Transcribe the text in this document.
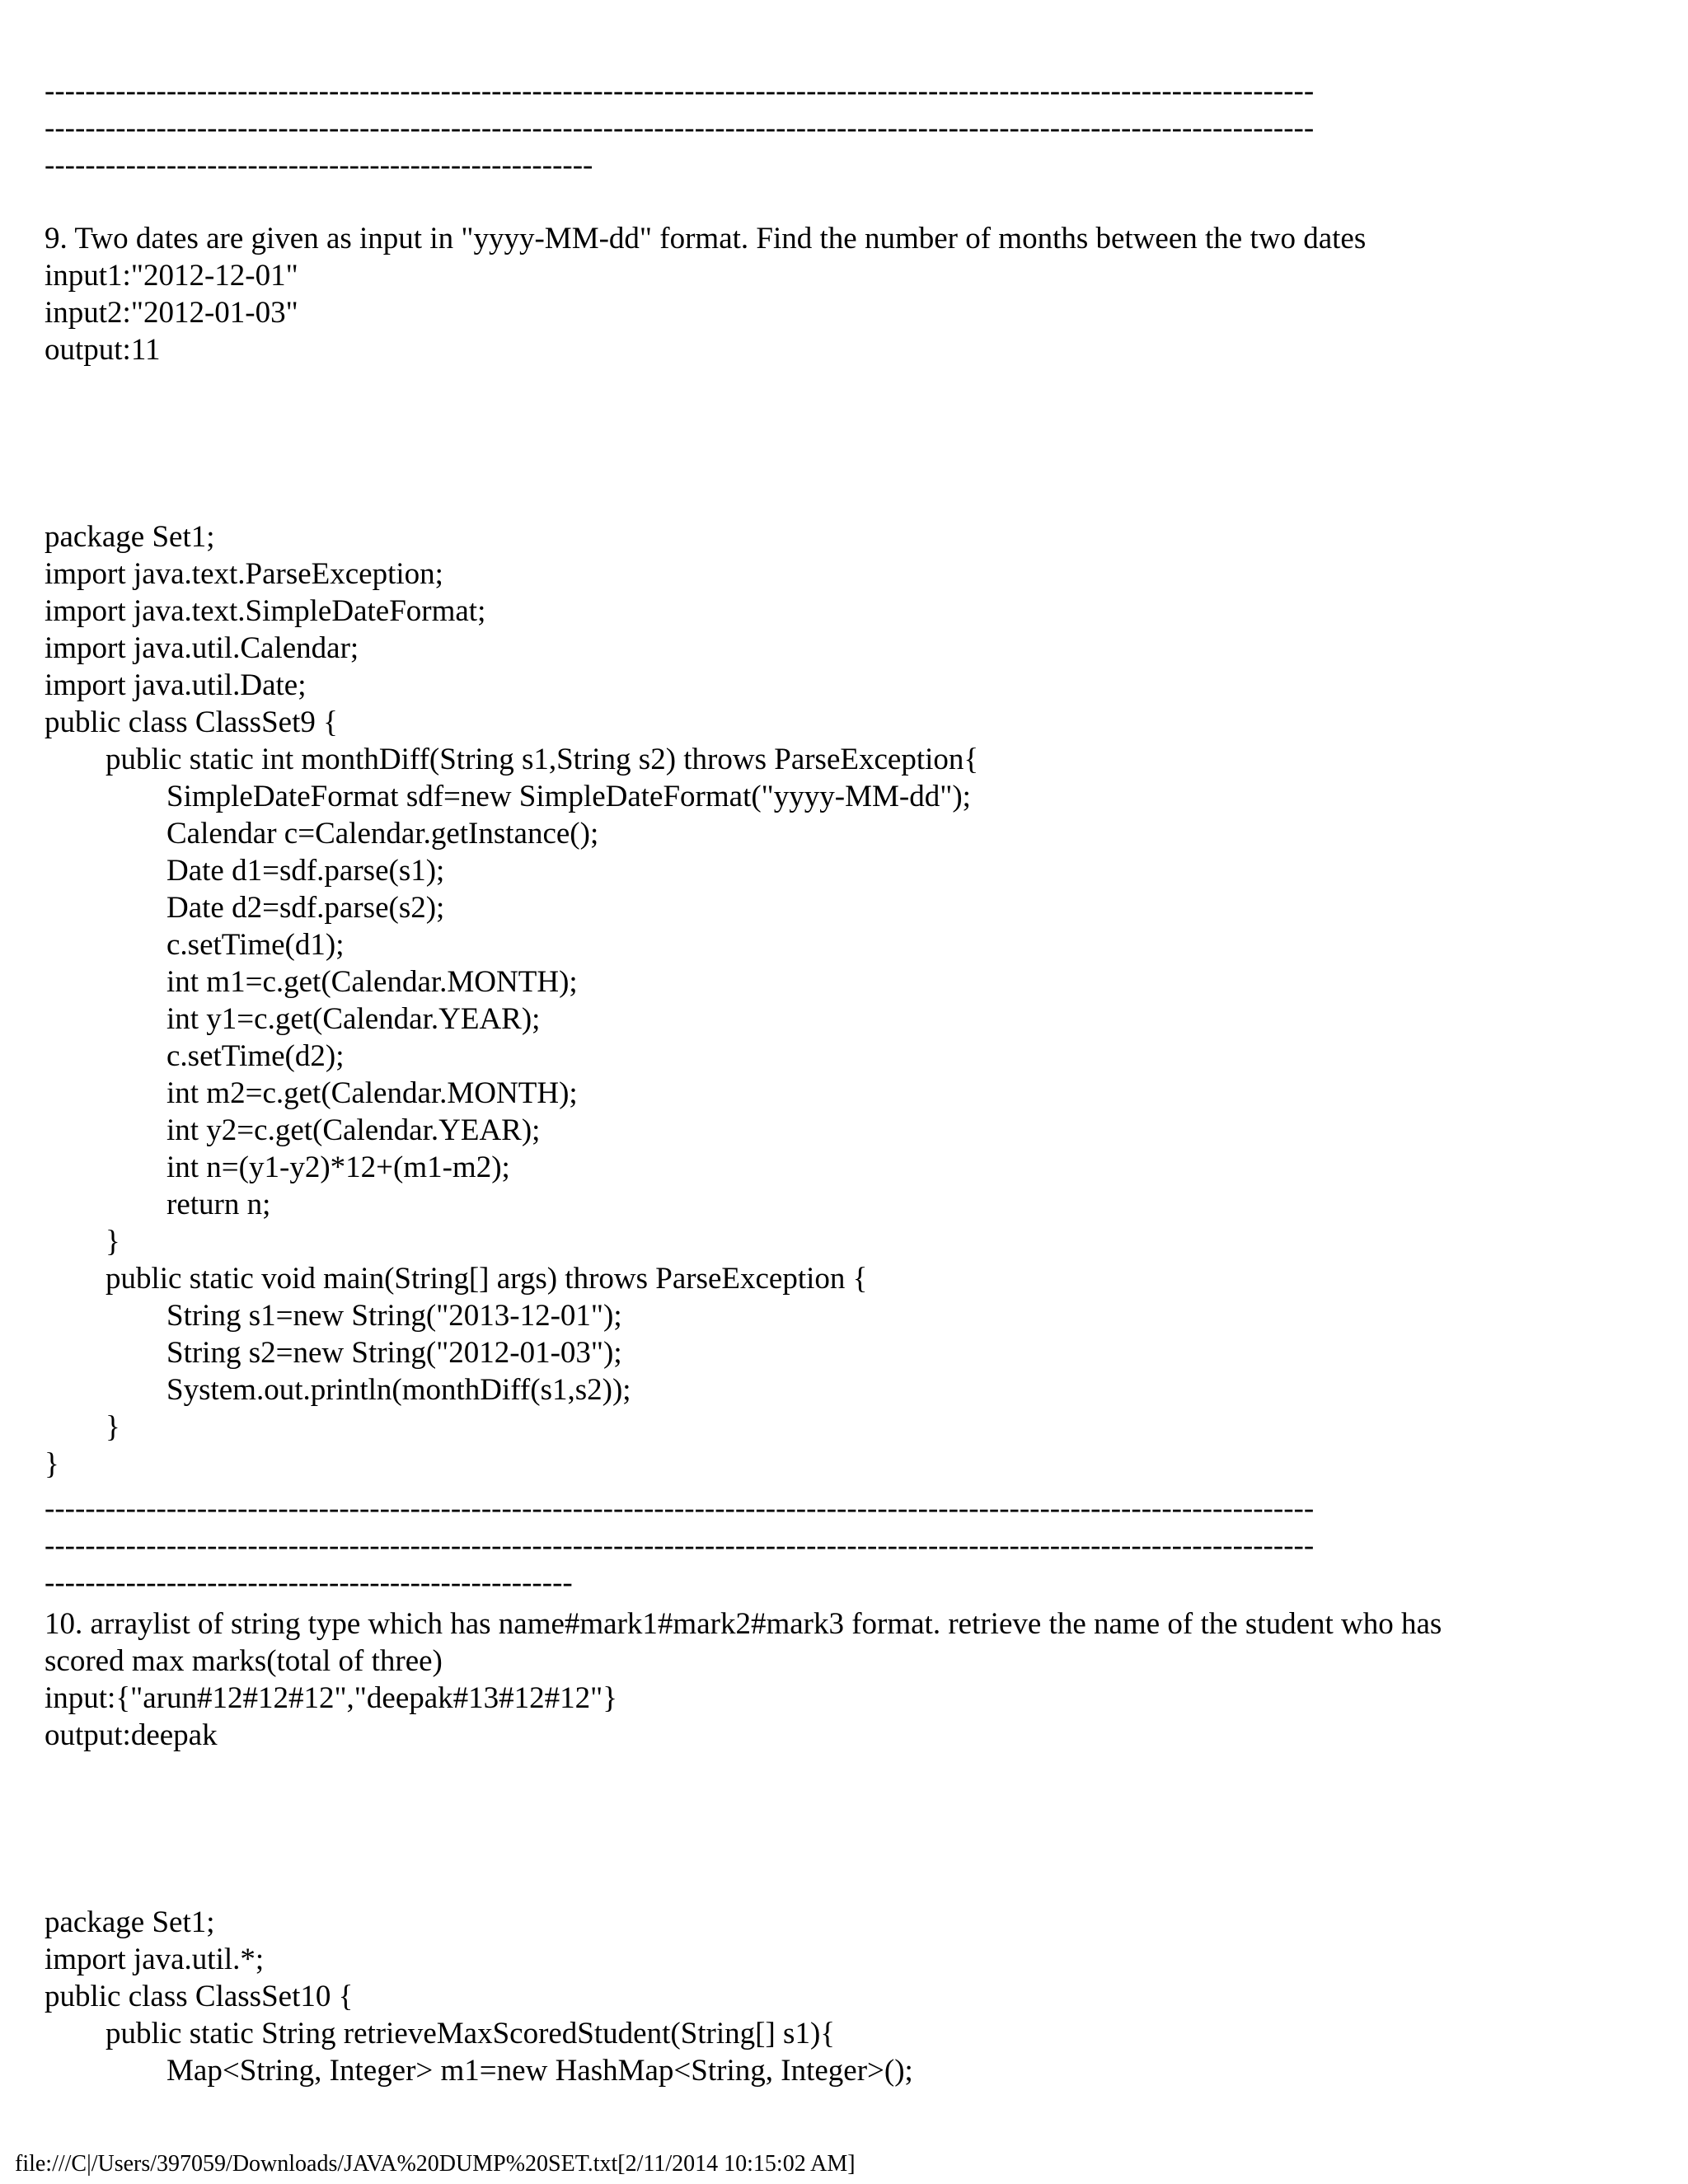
-----------------------------------------------------------------------------------------------------------------------------
-----------------------------------------------------------------------------------------------------------------------------
------------------------------------------------------
9. Two dates are given as input in "yyyy-MM-dd" format. Find the number of months between the two dates
input1:"2012-12-01"
input2:"2012-01-03"
output:11
package Set1;
import java.text.ParseException;
import java.text.SimpleDateFormat;
import java.util.Calendar;
import java.util.Date;
public class ClassSet9 {
public static int monthDiff(String s1,String s2) throws ParseException{
SimpleDateFormat sdf=new SimpleDateFormat("yyyy-MM-dd");
Calendar c=Calendar.getInstance();
Date d1=sdf.parse(s1);
Date d2=sdf.parse(s2);
c.setTime(d1);
int m1=c.get(Calendar.MONTH);
int y1=c.get(Calendar.YEAR);
c.setTime(d2);
int m2=c.get(Calendar.MONTH);
int y2=c.get(Calendar.YEAR);
int n=(y1-y2)*12+(m1-m2);
return n;
}
public static void main(String[] args) throws ParseException {
String s1=new String("2013-12-01");
String s2=new String("2012-01-03");
System.out.println(monthDiff(s1,s2));
}
}
-----------------------------------------------------------------------------------------------------------------------------
-----------------------------------------------------------------------------------------------------------------------------
----------------------------------------------------
10. arraylist of string type which has name#mark1#mark2#mark3 format. retrieve the name of the student who has
scored max marks(total of three)
input:{"arun#12#12#12","deepak#13#12#12"}
output:deepak
package Set1;
import java.util.*;
public class ClassSet10 {
public static String retrieveMaxScoredStudent(String[] s1){
Map<String, Integer> m1=new HashMap<String, Integer>();
file:///C|/Users/397059/Downloads/JAVA%20DUMP%20SET.txt[2/11/2014 10:15:02 AM]
